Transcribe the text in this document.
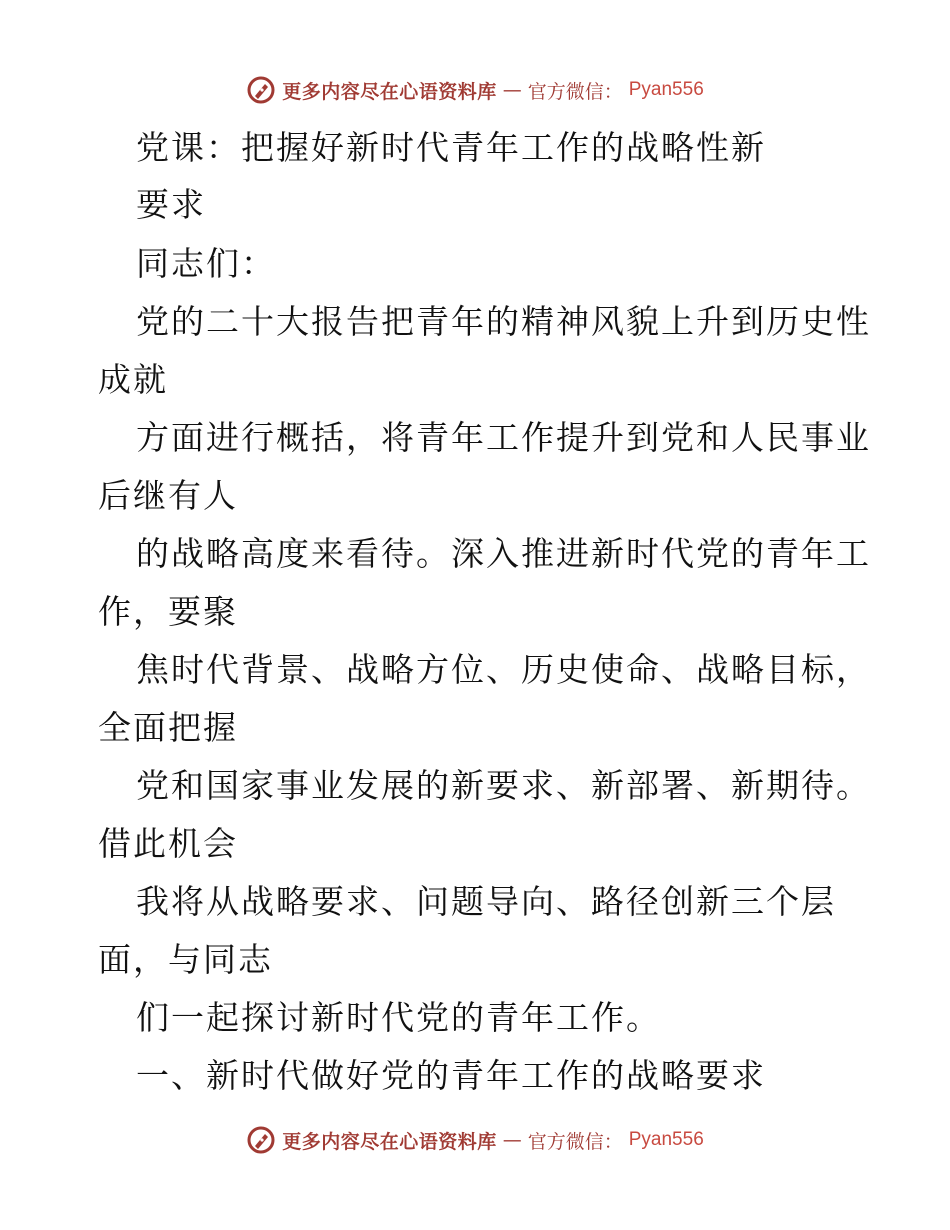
更多内容尽在心语资料库 — 官方微信： Pyan556
党课：把握好新时代青年工作的战略性新
要求
同志们：
党的二十大报告把青年的精神风貌上升到历史性
成就
方面进行概括，将青年工作提升到党和人民事业
后继有人
的战略高度来看待。深入推进新时代党的青年工
作，要聚
焦时代背景、战略方位、历史使命、战略目标，
全面把握
党和国家事业发展的新要求、新部署、新期待。
借此机会
我将从战略要求、问题导向、路径创新三个层
面，与同志
们一起探讨新时代党的青年工作。
一、新时代做好党的青年工作的战略要求
更多内容尽在心语资料库 — 官方微信： Pyan556
